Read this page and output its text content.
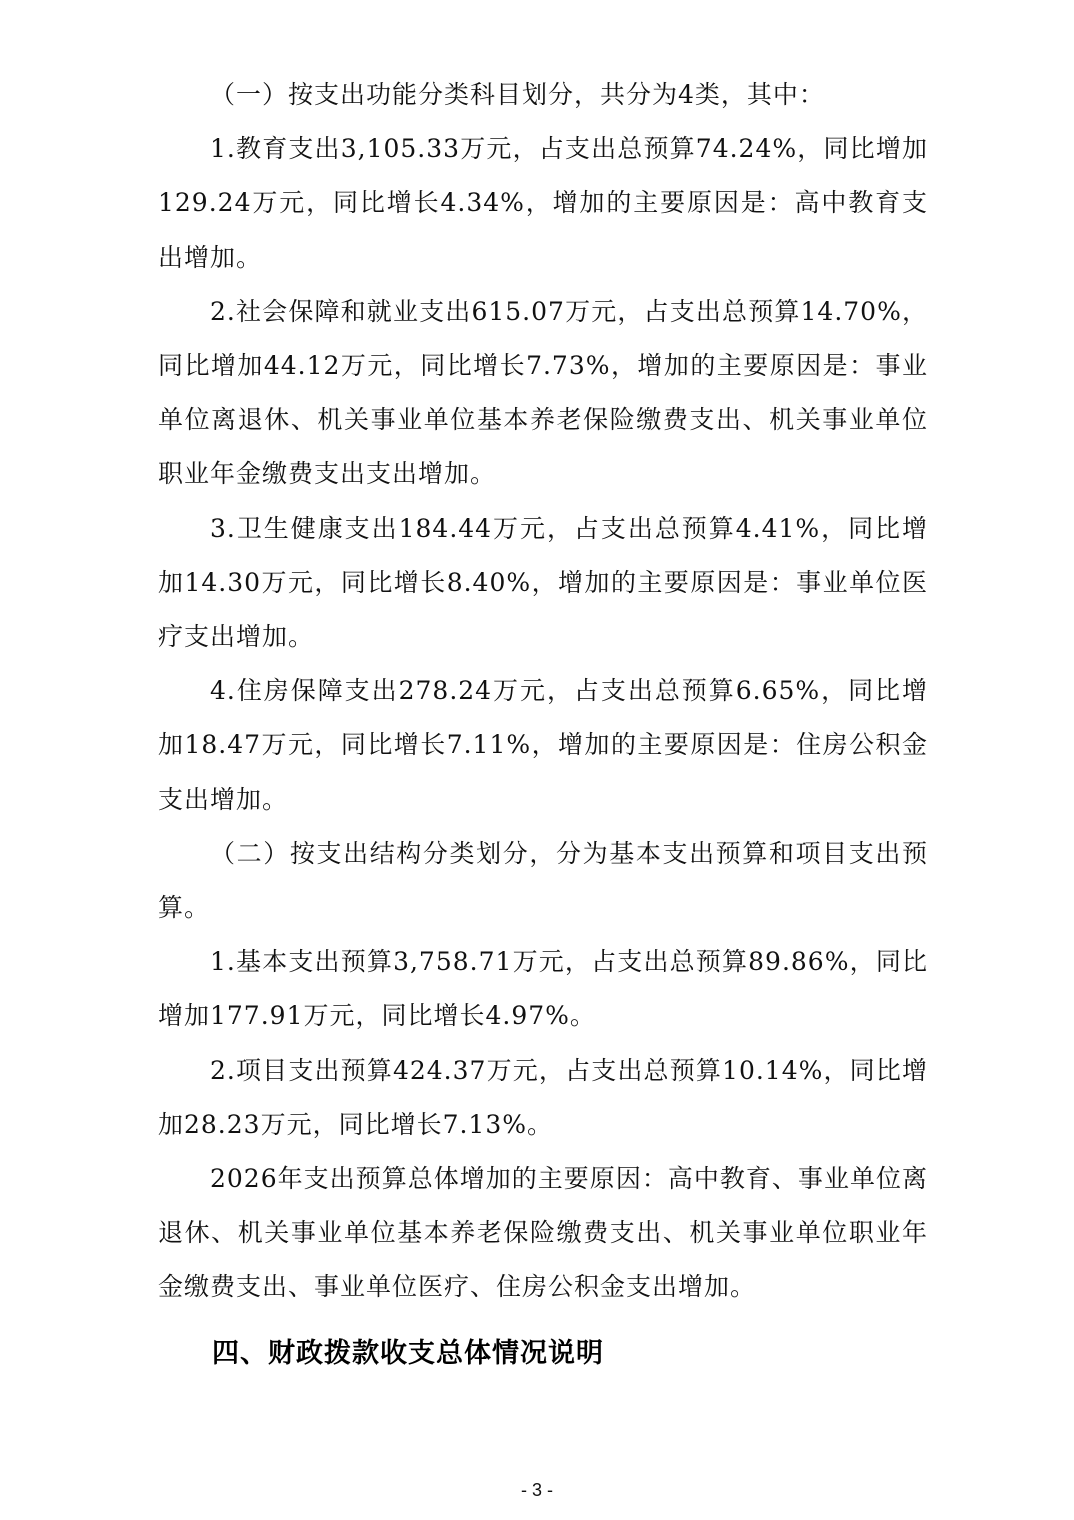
（一）按支出功能分类科目划分，共分为4类，其中：

1.教育支出3,105.33万元，占支出总预算74.24%，同比增加129.24万元，同比增长4.34%，增加的主要原因是：高中教育支出增加。

2.社会保障和就业支出615.07万元，占支出总预算14.70%，同比增加44.12万元，同比增长7.73%，增加的主要原因是：事业单位离退休、机关事业单位基本养老保险缴费支出、机关事业单位职业年金缴费支出支出增加。

3.卫生健康支出184.44万元，占支出总预算4.41%，同比增加14.30万元，同比增长8.40%，增加的主要原因是：事业单位医疗支出增加。

4.住房保障支出278.24万元，占支出总预算6.65%，同比增加18.47万元，同比增长7.11%，增加的主要原因是：住房公积金支出增加。

（二）按支出结构分类划分，分为基本支出预算和项目支出预算。

1.基本支出预算3,758.71万元，占支出总预算89.86%，同比增加177.91万元，同比增长4.97%。

2.项目支出预算424.37万元，占支出总预算10.14%，同比增加28.23万元，同比增长7.13%。

2026年支出预算总体增加的主要原因：高中教育、事业单位离退休、机关事业单位基本养老保险缴费支出、机关事业单位职业年金缴费支出、事业单位医疗、住房公积金支出增加。

四、财政拨款收支总体情况说明
- 3 -
